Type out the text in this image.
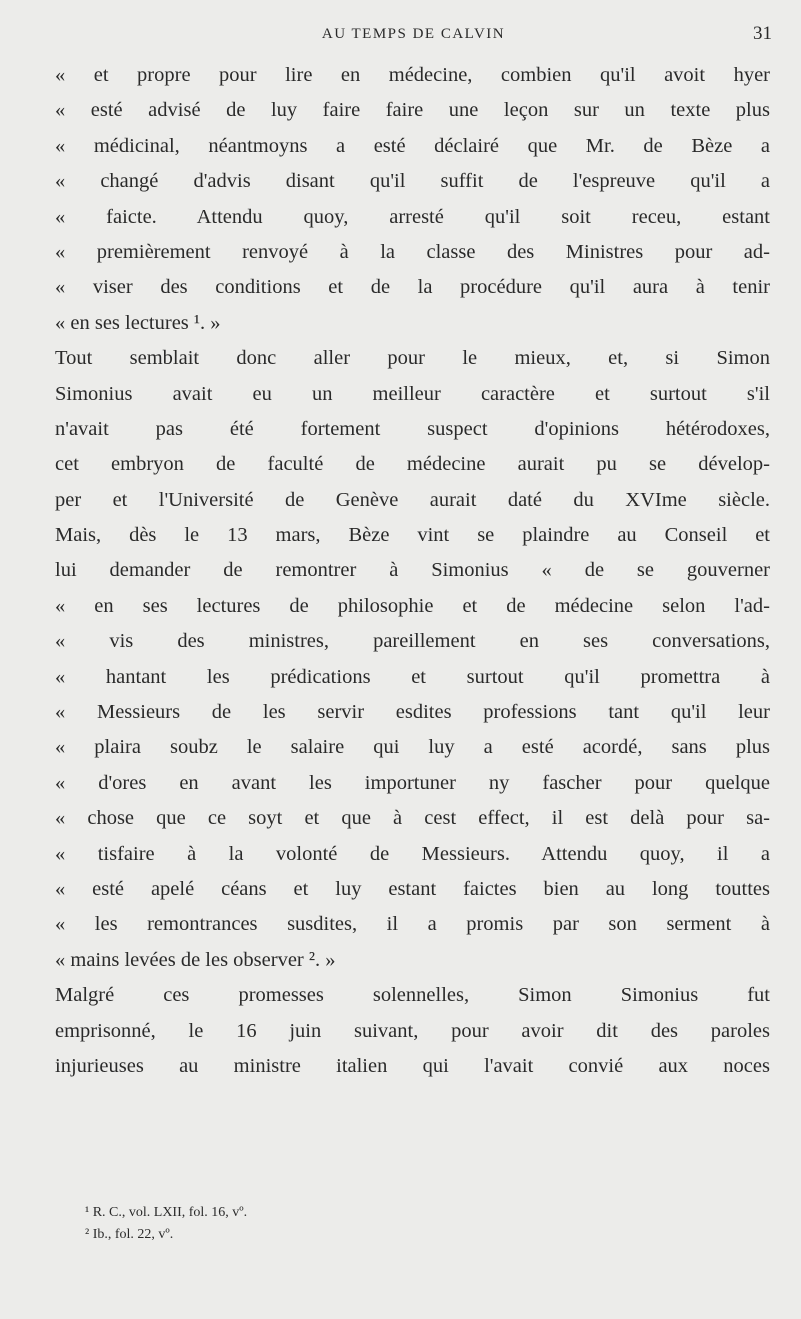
AU TEMPS DE CALVIN	31
« et propre pour lire en médecine, combien qu'il avoit hyer
« esté advisé de luy faire faire une leçon sur un texte plus
« médicinal, néantmoyns a esté déclairé que Mr. de Bèze a
« changé d'advis disant qu'il suffit de l'espreuve qu'il a
« faicte. Attendu quoy, arresté qu'il soit receu, estant
« premièrement renvoyé à la classe des Ministres pour ad-
« viser des conditions et de la procédure qu'il aura à tenir
« en ses lectures ¹. »
Tout semblait donc aller pour le mieux, et, si Simon
Simonius avait eu un meilleur caractère et surtout s'il
n'avait pas été fortement suspect d'opinions hétérodoxes,
cet embryon de faculté de médecine aurait pu se dévelop-
per et l'Université de Genève aurait daté du XVIme siècle.
Mais, dès le 13 mars, Bèze vint se plaindre au Conseil et
lui demander de remontrer à Simonius « de se gouverner
« en ses lectures de philosophie et de médecine selon l'ad-
« vis des ministres, pareillement en ses conversations,
« hantant les prédications et surtout qu'il promettra à
« Messieurs de les servir esdites professions tant qu'il leur
« plaira soubz le salaire qui luy a esté acordé, sans plus
« d'ores en avant les importuner ny fascher pour quelque
« chose que ce soyt et que à cest effect, il est delà pour sa-
« tisfaire à la volonté de Messieurs. Attendu quoy, il a
« esté apelé céans et luy estant faictes bien au long touttes
« les remontrances susdites, il a promis par son serment à
« mains levées de les observer ². »
Malgré ces promesses solennelles, Simon Simonius fut
emprisonné, le 16 juin suivant, pour avoir dit des paroles
injurieuses au ministre italien qui l'avait convié aux noces
¹ R. C., vol. LXII, fol. 16, vº.
² Ib., fol. 22, vº.
